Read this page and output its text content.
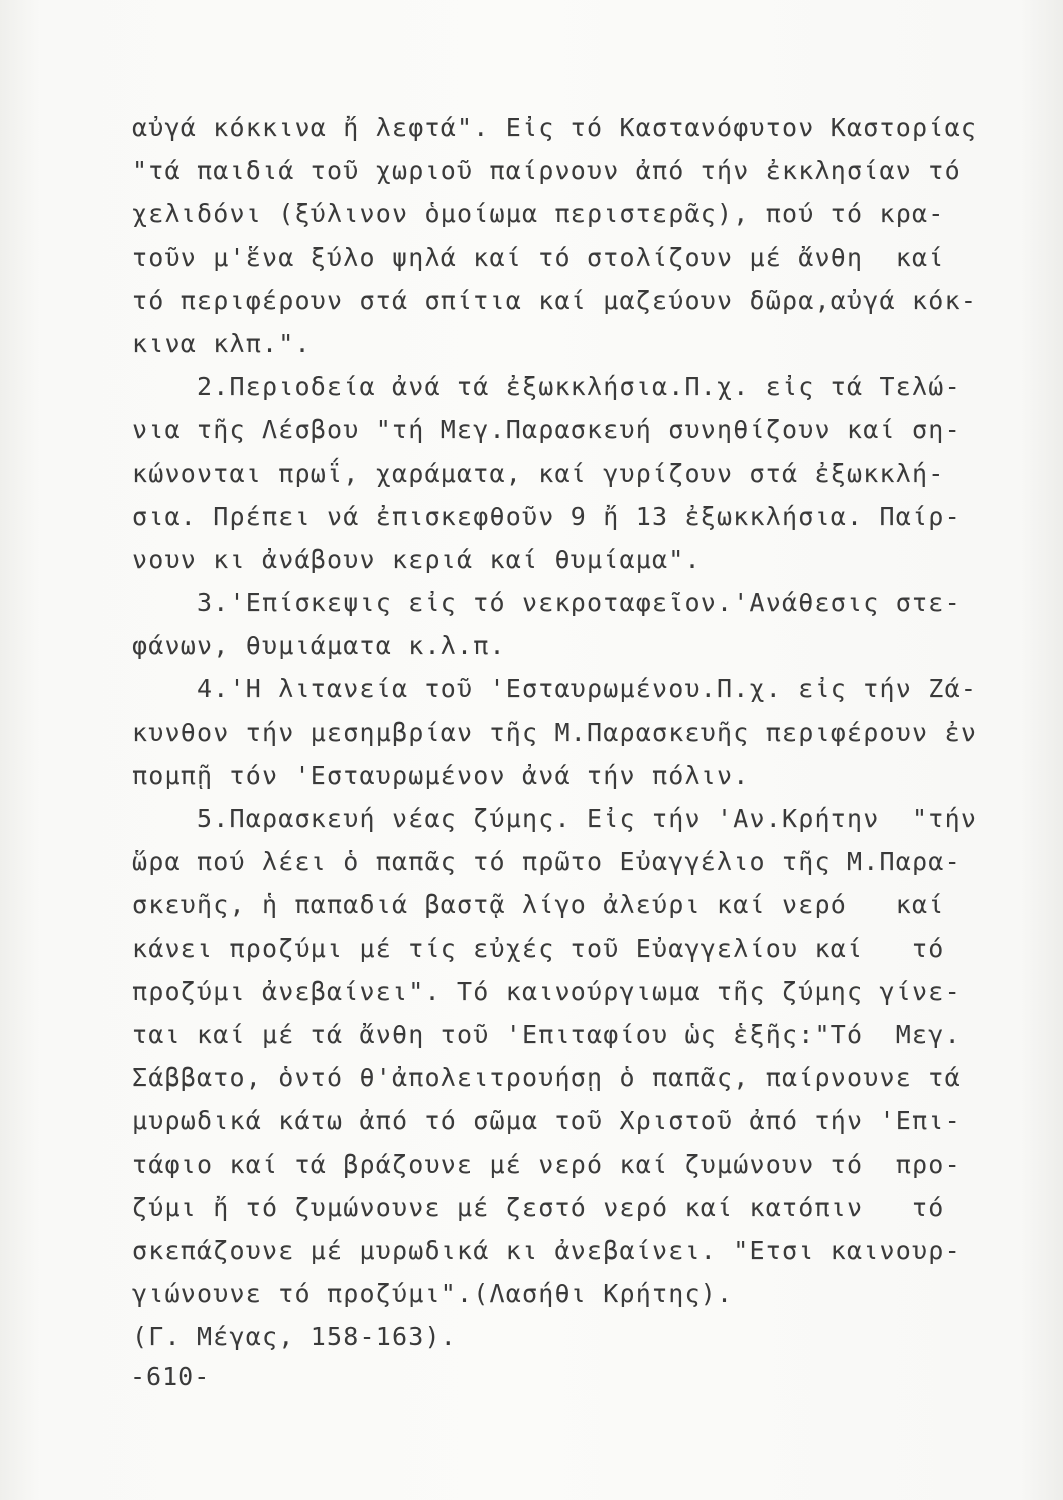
αὐγά κόκκινα ἤ λεφτά". Εἰς τό Καστανόφυτον Καστορίας
"τά παιδιά τοῦ χωριοῦ παίρνουν ἀπό τήν ἐκκλησίαν τό
χελιδόνι (ξύλινον ὁμοίωμα περιστερᾶς), πού τό κρα-
τοῦν μ'ἕνα ξύλο ψηλά καί τό στολίζουν μέ ἄνθη  καί
τό περιφέρουν στά σπίτια καί μαζεύουν δῶρα,αὐγά κόκ-
κινα κλπ.".
2.Περιοδεία ἀνά τά ἐξωκκλήσια.Π.χ. εἰς τά Τελώ-
νια τῆς Λέσβου "τή Μεγ.Παρασκευή συνηθίζουν καί ση-
κώνονται πρωΐ, χαράματα, καί γυρίζουν στά ἐξωκκλή-
σια. Πρέπει νά ἐπισκεφθοῦν 9 ἤ 13 ἐξωκκλήσια. Παίρ-
νουν κι ἀνάβουν κεριά καί θυμίαμα".
3.'Επίσκεψις εἰς τό νεκροταφεῖον.'Ανάθεσις στε-
φάνων, θυμιάματα κ.λ.π.
4.'Η λιτανεία τοῦ 'Εσταυρωμένου.Π.χ. εἰς τήν Ζά-
κυνθον τήν μεσημβρίαν τῆς Μ.Παρασκευῆς περιφέρουν ἐν
πομπῇ τόν 'Εσταυρωμένον ἀνά τήν πόλιν.
5.Παρασκευή νέας ζύμης. Εἰς τήν 'Αν.Κρήτην  "τήν
ὥρα πού λέει ὁ παπᾶς τό πρῶτο Εὐαγγέλιο τῆς Μ.Παρα-
σκευῆς, ἡ παπαδιά βαστᾷ λίγο ἀλεύρι καί νερό   καί
κάνει προζύμι μέ τίς εὐχές τοῦ Εὐαγγελίου καί   τό
προζύμι ἀνεβαίνει". Τό καινούργιωμα τῆς ζύμης γίνε-
ται καί μέ τά ἄνθη τοῦ 'Επιταφίου ὡς ἑξῆς:"Τό  Μεγ.
Σάββατο, ὁντό θ'ἀπολειτρουήσῃ ὁ παπᾶς, παίρνουνε τά
μυρωδικά κάτω ἀπό τό σῶμα τοῦ Χριστοῦ ἀπό τήν 'Επι-
τάφιο καί τά βράζουνε μέ νερό καί ζυμώνουν τό  προ-
ζύμι ἤ τό ζυμώνουνε μέ ζεστό νερό καί κατόπιν   τό
σκεπάζουνε μέ μυρωδικά κι ἀνεβαίνει. "Ετσι καινουρ-
γιώνουνε τό προζύμι".(Λασήθι Κρήτης).
(Γ. Μέγας, 158-163).
-610-
